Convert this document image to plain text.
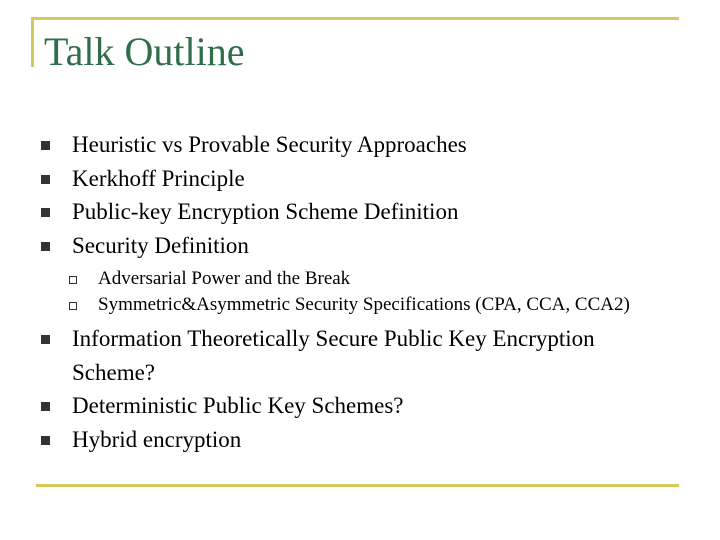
Talk Outline
Heuristic vs Provable Security Approaches
Kerkhoff Principle
Public-key Encryption Scheme Definition
Security Definition
Adversarial Power and the Break
Symmetric&Asymmetric Security Specifications (CPA, CCA, CCA2)
Information Theoretically Secure Public Key Encryption Scheme?
Deterministic Public Key Schemes?
Hybrid encryption
